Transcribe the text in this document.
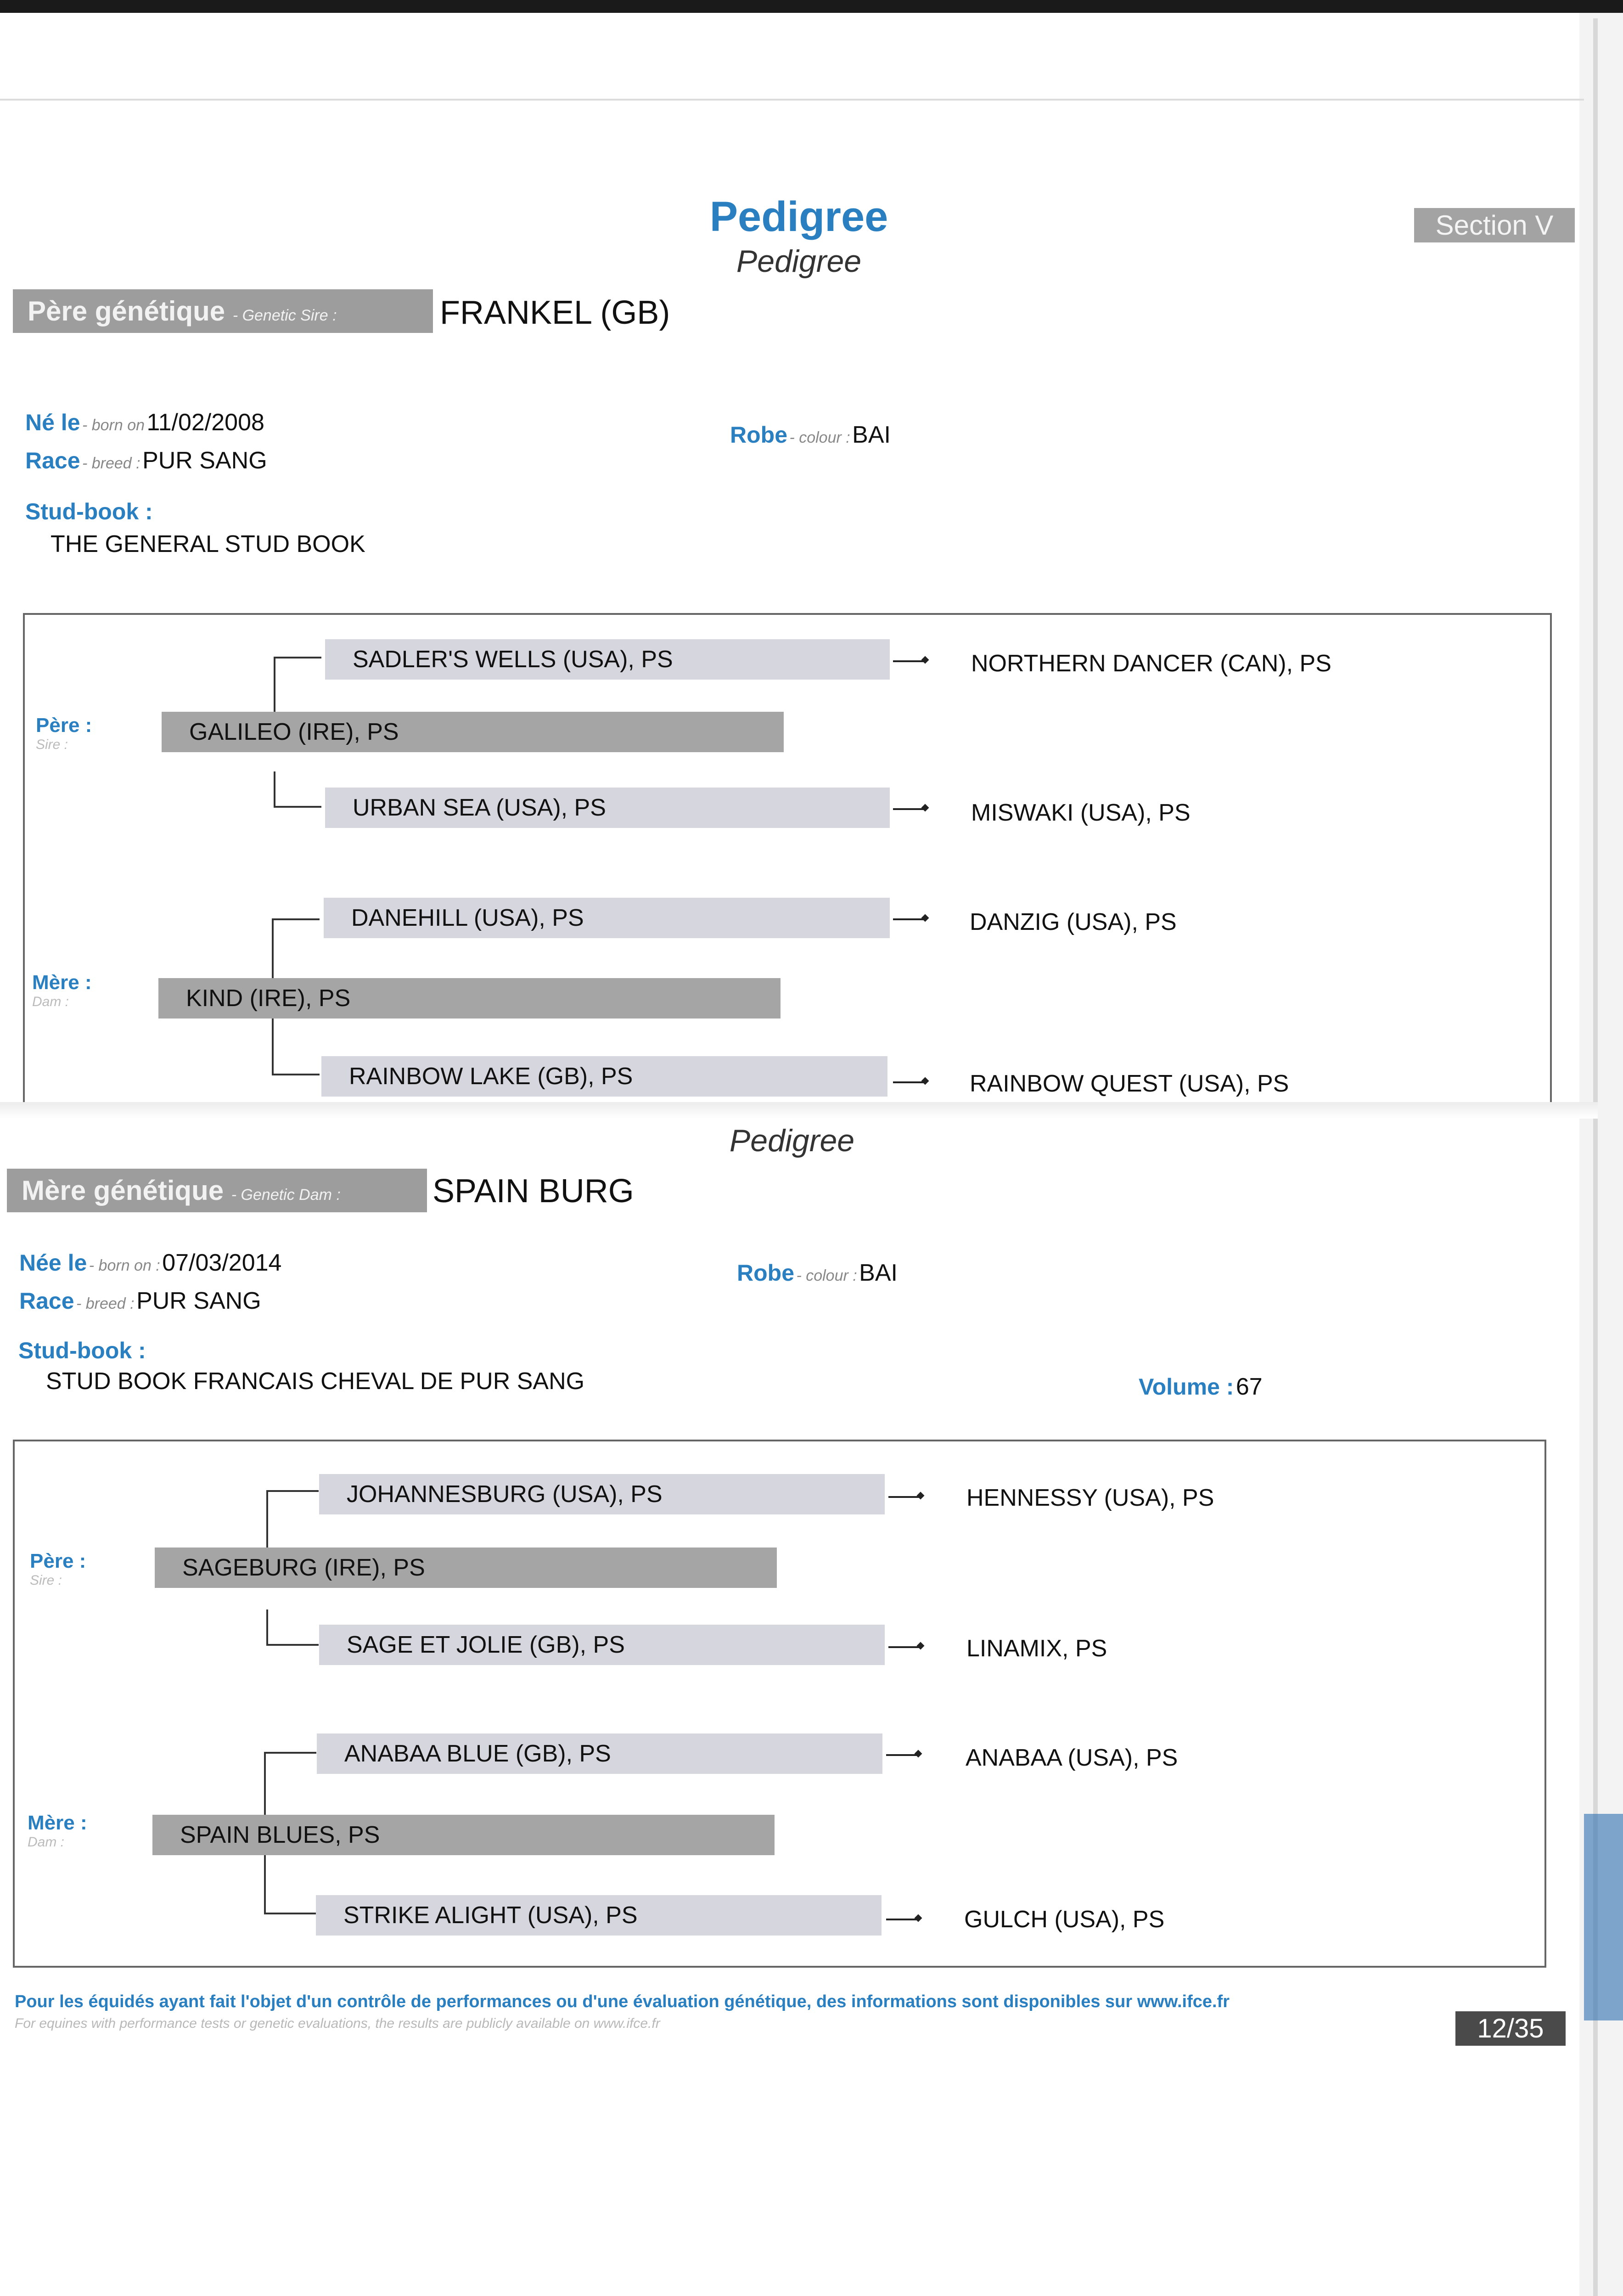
Pedigree
Pedigree
Section V
Père génétique - Genetic Sire :	FRANKEL (GB)
Né le - born on 11/02/2008
Race - breed : PUR SANG
Robe - colour : BAI
Stud-book :
THE GENERAL STUD BOOK
Père :
Sire :
Mère :
Dam :
SADLER'S WELLS (USA), PS
GALILEO (IRE), PS
URBAN SEA (USA), PS
DANEHILL (USA), PS
KIND (IRE), PS
RAINBOW LAKE (GB), PS
NORTHERN DANCER (CAN), PS
MISWAKI (USA), PS
DANZIG (USA), PS
RAINBOW QUEST (USA), PS
Pedigree
Mère génétique - Genetic Dam :	SPAIN BURG
Née le - born on : 07/03/2014
Race - breed : PUR SANG
Robe - colour : BAI
Stud-book :
STUD BOOK FRANCAIS CHEVAL DE PUR SANG	Volume : 67
Père :
Sire :
Mère :
Dam :
JOHANNESBURG (USA), PS
SAGEBURG (IRE), PS
SAGE ET JOLIE (GB), PS
ANABAA BLUE (GB), PS
SPAIN BLUES, PS
STRIKE ALIGHT (USA), PS
HENNESSY (USA), PS
LINAMIX, PS
ANABAA (USA), PS
GULCH (USA), PS
Pour les équidés ayant fait l'objet d'un contrôle de performances ou d'une évaluation génétique, des informations sont disponibles sur www.ifce.fr
For equines with performance tests or genetic evaluations, the results are publicly available on www.ifce.fr	12/35
